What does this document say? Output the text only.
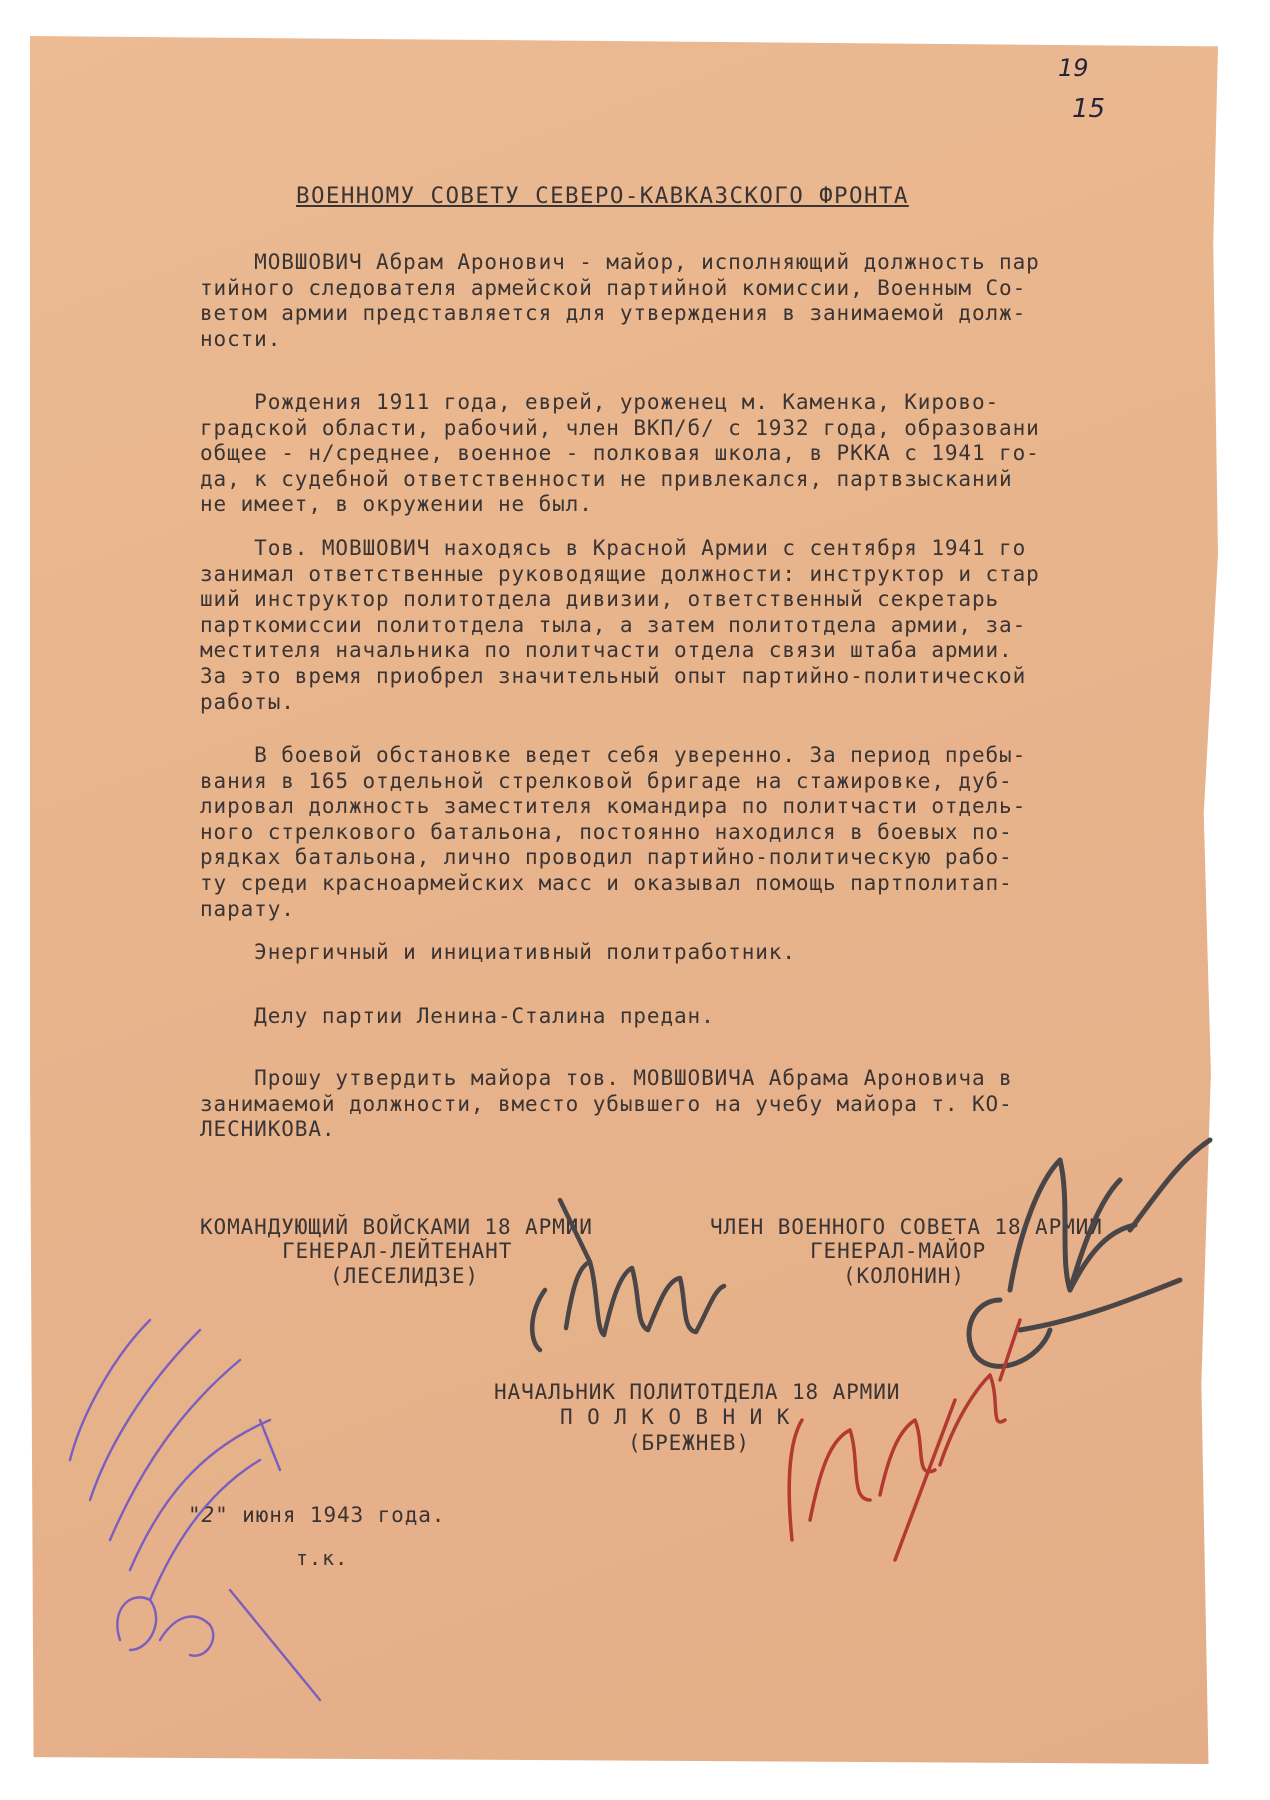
19
15
ВОЕННОМУ СОВЕТУ СЕВЕРО-КАВКАЗСКОГО ФРОНТА
МОВШОВИЧ Абрам Аронович - майор, исполняющий должность пар
тийного следователя армейской партийной комиссии, Военным Со-
ветом армии представляется для утверждения в занимаемой долж-
ности.
Рождения 1911 года, еврей, уроженец м. Каменка, Кирово-
градской области, рабочий, член ВКП/б/ с 1932 года, образовани
общее - н/среднее, военное - полковая школа, в РККА с 1941 го-
да, к судебной ответственности не привлекался, партвзысканий
не имеет, в окружении не был.
Тов. МОВШОВИЧ находясь в Красной Армии с сентября 1941 го
занимал ответственные руководящие должности: инструктор и стар
ший инструктор политотдела дивизии, ответственный секретарь
парткомиссии политотдела тыла, а затем политотдела армии, за-
местителя начальника по политчасти отдела связи штаба армии.
За это время приобрел значительный опыт партийно-политической
работы.
В боевой обстановке ведет себя уверенно. За период пребы-
вания в 165 отдельной стрелковой бригаде на стажировке, дуб-
лировал должность заместителя командира по политчасти отдель-
ного стрелкового батальона, постоянно находился в боевых по-
рядках батальона, лично проводил партийно-политическую рабо-
ту среди красноармейских масс и оказывал помощь партполитап-
парату.
Энергичный и инициативный политработник.
Делу партии Ленина-Сталина предан.
Прошу утвердить майора тов. МОВШОВИЧА Абрама Ароновича в
занимаемой должности, вместо убывшего на учебу майора т. КО-
ЛЕСНИКОВА.
КОМАНДУЮЩИЙ ВОЙСКАМИ 18 АРМИИ
ГЕНЕРАЛ-ЛЕЙТЕНАНТ
(ЛЕСЕЛИДЗЕ)
ЧЛЕН ВОЕННОГО СОВЕТА 18 АРМИИ
ГЕНЕРАЛ-МАЙОР
(КОЛОНИН)
НАЧАЛЬНИК ПОЛИТОТДЕЛА 18 АРМИИ
П О Л К О В Н И К
(БРЕЖНЕВ)
"2" июня 1943 года.
т.к.
